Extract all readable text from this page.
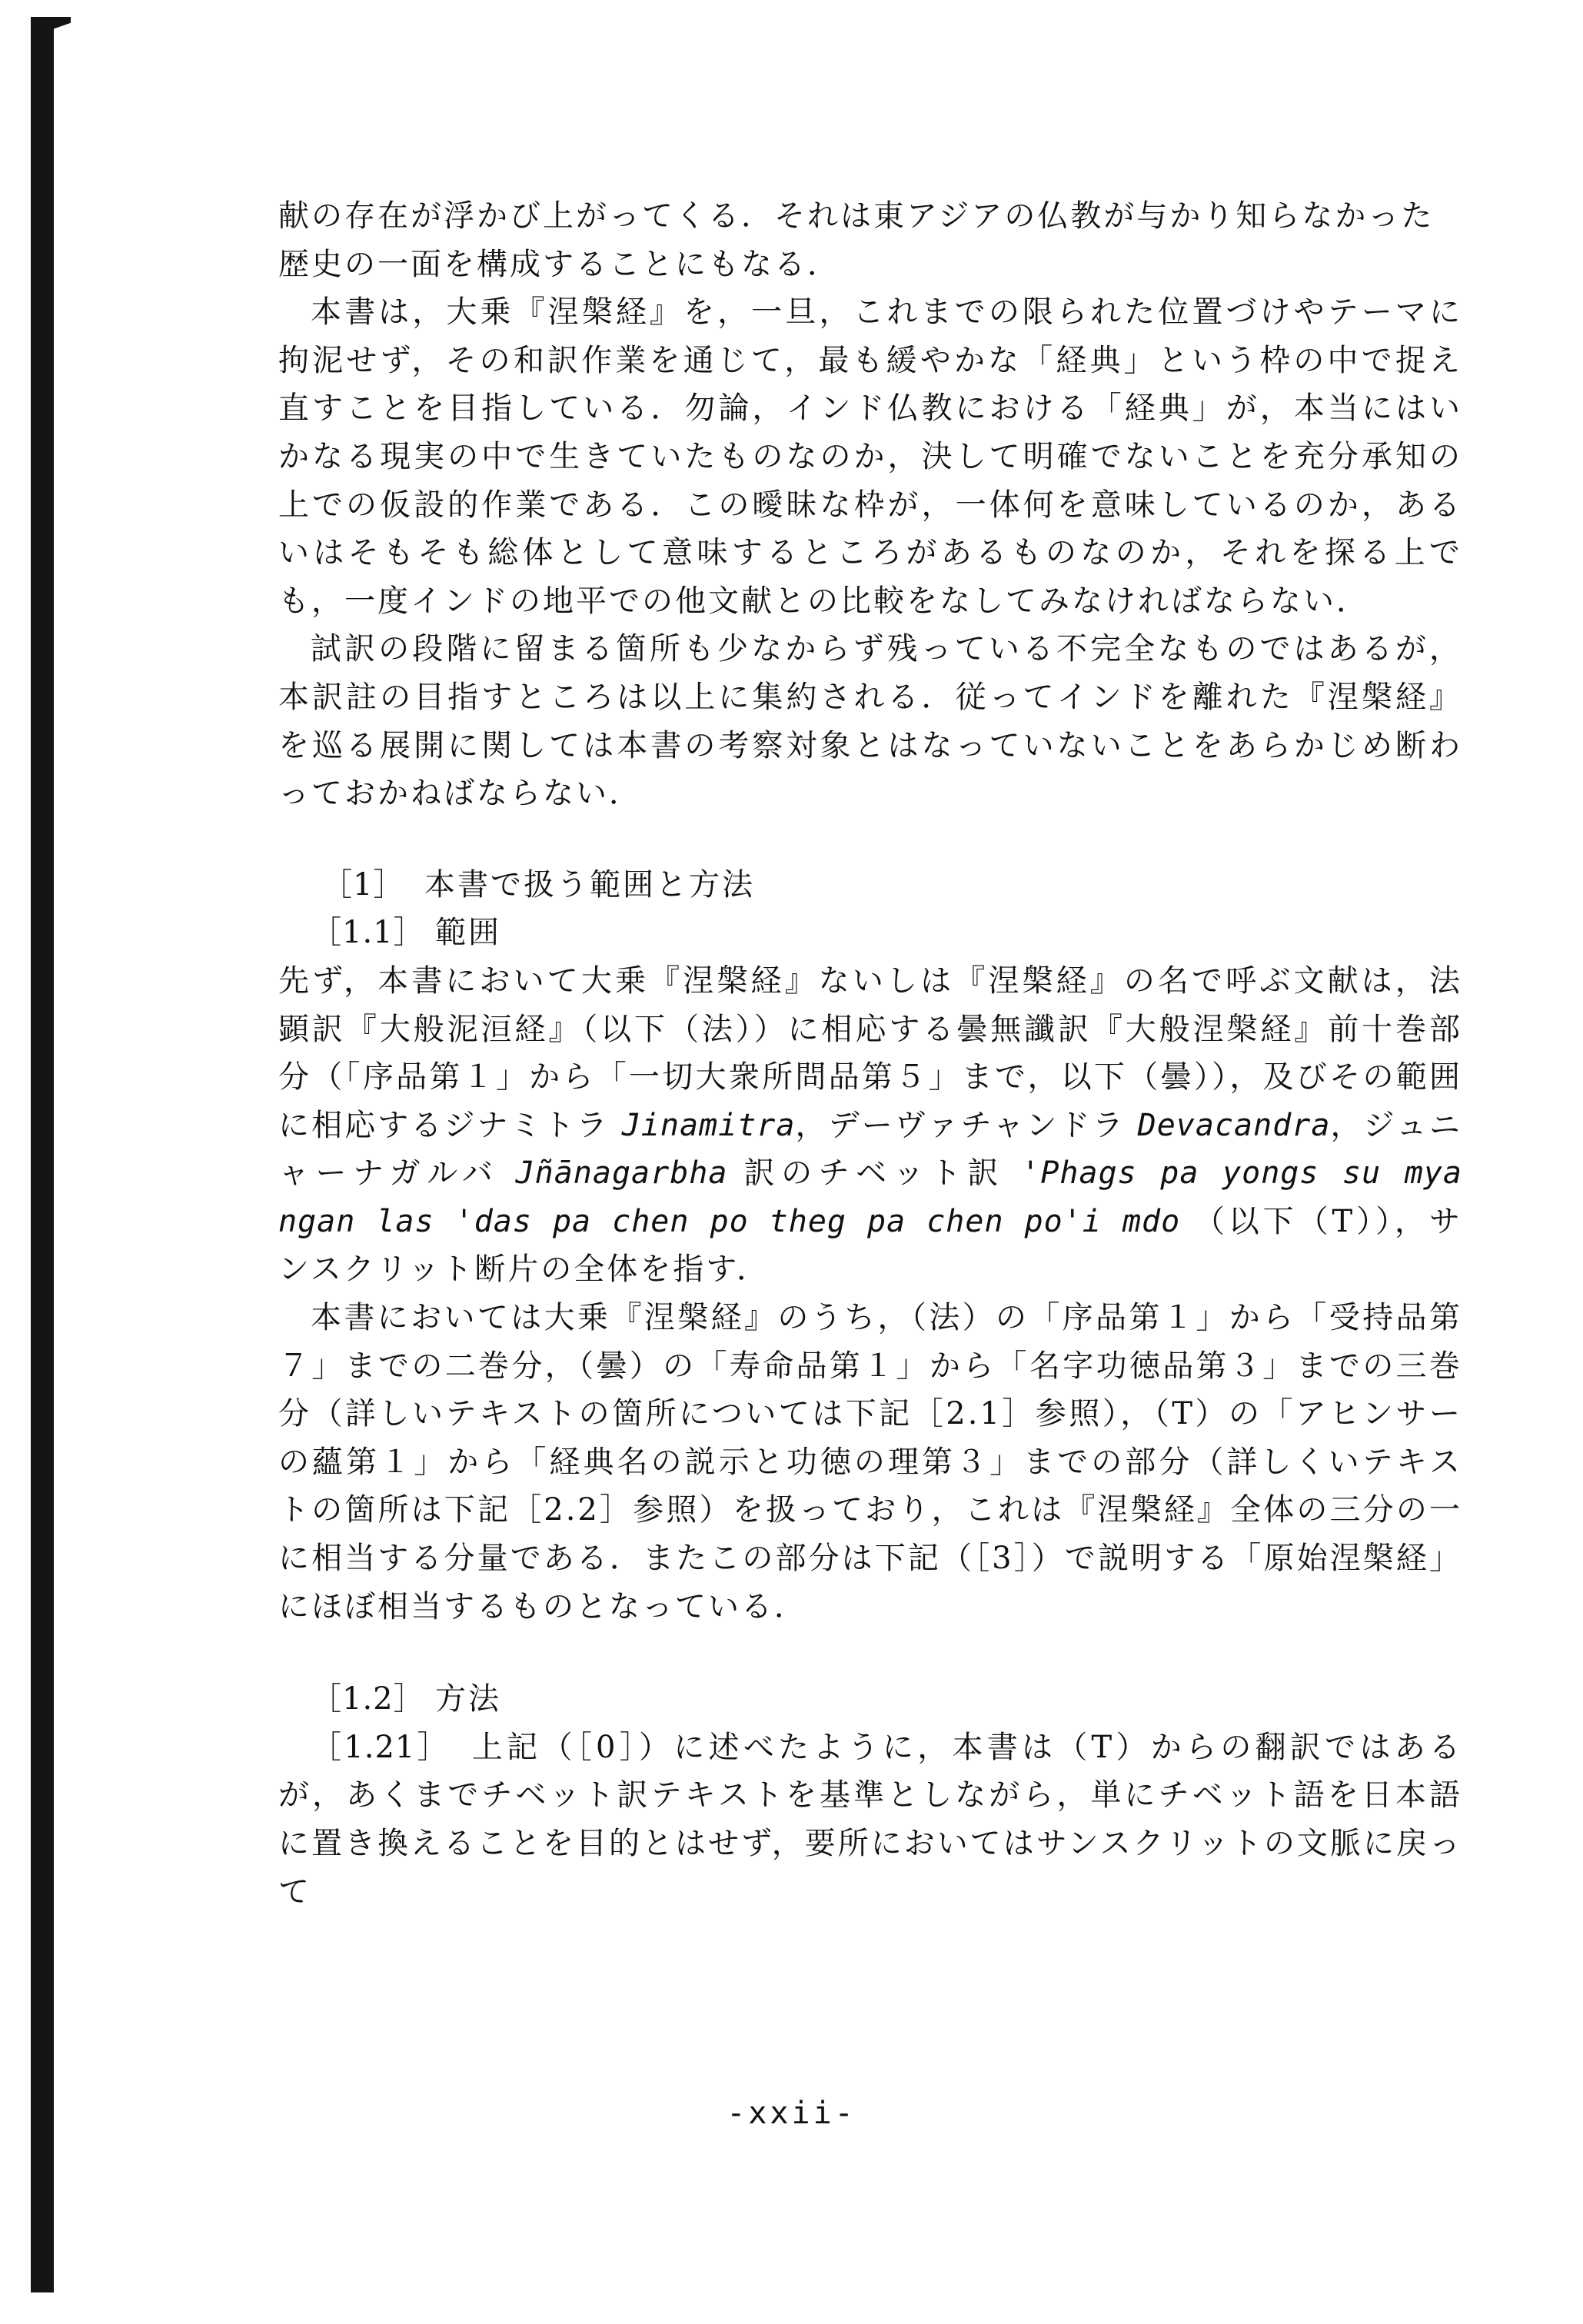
献の存在が浮かび上がってくる．それは東アジアの仏教が与かり知らなかった歴史の一面を構成することにもなる．

本書は，大乗『涅槃経』を，一旦，これまでの限られた位置づけやテーマに拘泥せず，その和訳作業を通じて，最も緩やかな「経典」という枠の中で捉え直すことを目指している．勿論，インド仏教における「経典」が，本当にはいかなる現実の中で生きていたものなのか，決して明確でないことを充分承知の上での仮設的作業である．この曖昧な枠が，一体何を意味しているのか，あるいはそもそも総体として意味するところがあるものなのか，それを探る上でも，一度インドの地平での他文献との比較をなしてみなければならない．

試訳の段階に留まる箇所も少なからず残っている不完全なものではあるが，本訳註の目指すところは以上に集約される．従ってインドを離れた『涅槃経』を巡る展開に関しては本書の考察対象とはなっていないことをあらかじめ断わっておかねばならない．

［1］ 本書で扱う範囲と方法
［1.1］ 範囲

先ず，本書において大乗『涅槃経』ないしは『涅槃経』の名で呼ぶ文献は，法顕訳『大般泥洹経』（以下（法））に相応する曇無讖訳『大般涅槃経』前十巻部分（「序品第１」から「一切大衆所問品第５」まで，以下（曇）），及びその範囲に相応するジナミトラ Jinamitra，デーヴァチャンドラ Devacandra，ジュニャーナガルバ Jñānagarbha 訳のチベット訳 'Phags pa yongs su mya ngan las 'das pa chen po theg pa chen po'i mdo （以下（T）），サンスクリット断片の全体を指す．

本書においては大乗『涅槃経』のうち，（法）の「序品第１」から「受持品第７」までの二巻分，（曇）の「寿命品第１」から「名字功徳品第３」までの三巻分（詳しいテキストの箇所については下記［2.1］参照），（T）の「アヒンサーの蘊第１」から「経典名の説示と功徳の理第３」までの部分（詳しくいテキストの箇所は下記［2.2］参照）を扱っており，これは『涅槃経』全体の三分の一に相当する分量である．またこの部分は下記（［3］）で説明する「原始涅槃経」にほぼ相当するものとなっている．

［1.2］ 方法

［1.21］ 上記（［0］）に述べたように，本書は（T）からの翻訳ではあるが，あくまでチベット訳テキストを基準としながら，単にチベット語を日本語に置き換えることを目的とはせず，要所においてはサンスクリットの文脈に戻って

-xxii-
